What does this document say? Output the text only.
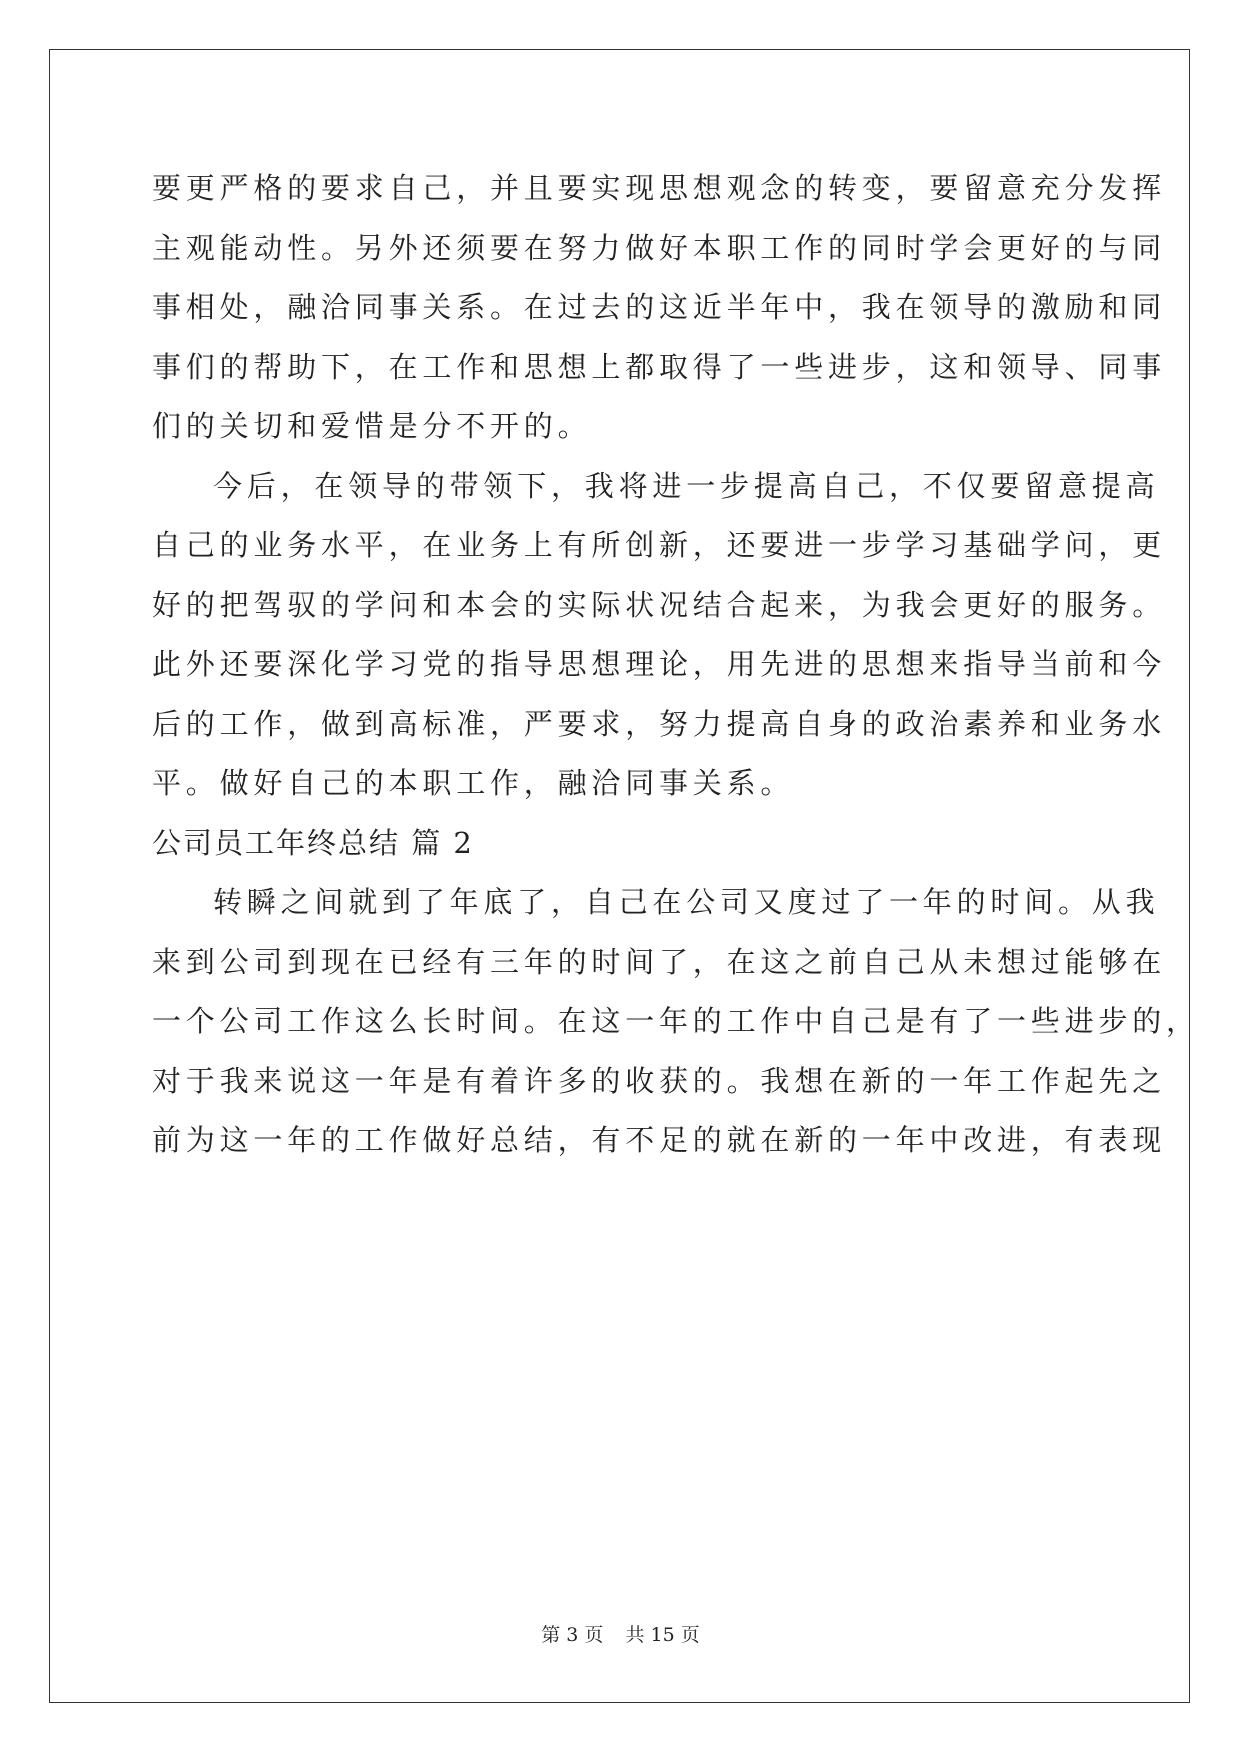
要更严格的要求自己，并且要实现思想观念的转变，要留意充分发挥
主观能动性。另外还须要在努力做好本职工作的同时学会更好的与同
事相处，融洽同事关系。在过去的这近半年中，我在领导的激励和同
事们的帮助下，在工作和思想上都取得了一些进步，这和领导、同事
们的关切和爱惜是分不开的。
今后，在领导的带领下，我将进一步提高自己，不仅要留意提高
自己的业务水平，在业务上有所创新，还要进一步学习基础学问，更
好的把驾驭的学问和本会的实际状况结合起来，为我会更好的服务。
此外还要深化学习党的指导思想理论，用先进的思想来指导当前和今
后的工作，做到高标准，严要求，努力提高自身的政治素养和业务水
平。做好自己的本职工作，融洽同事关系。
公司员工年终总结 篇 2
转瞬之间就到了年底了，自己在公司又度过了一年的时间。从我
来到公司到现在已经有三年的时间了，在这之前自己从未想过能够在
一个公司工作这么长时间。在这一年的工作中自己是有了一些进步的，
对于我来说这一年是有着许多的收获的。我想在新的一年工作起先之
前为这一年的工作做好总结，有不足的就在新的一年中改进，有表现
第 3 页 共 15 页
